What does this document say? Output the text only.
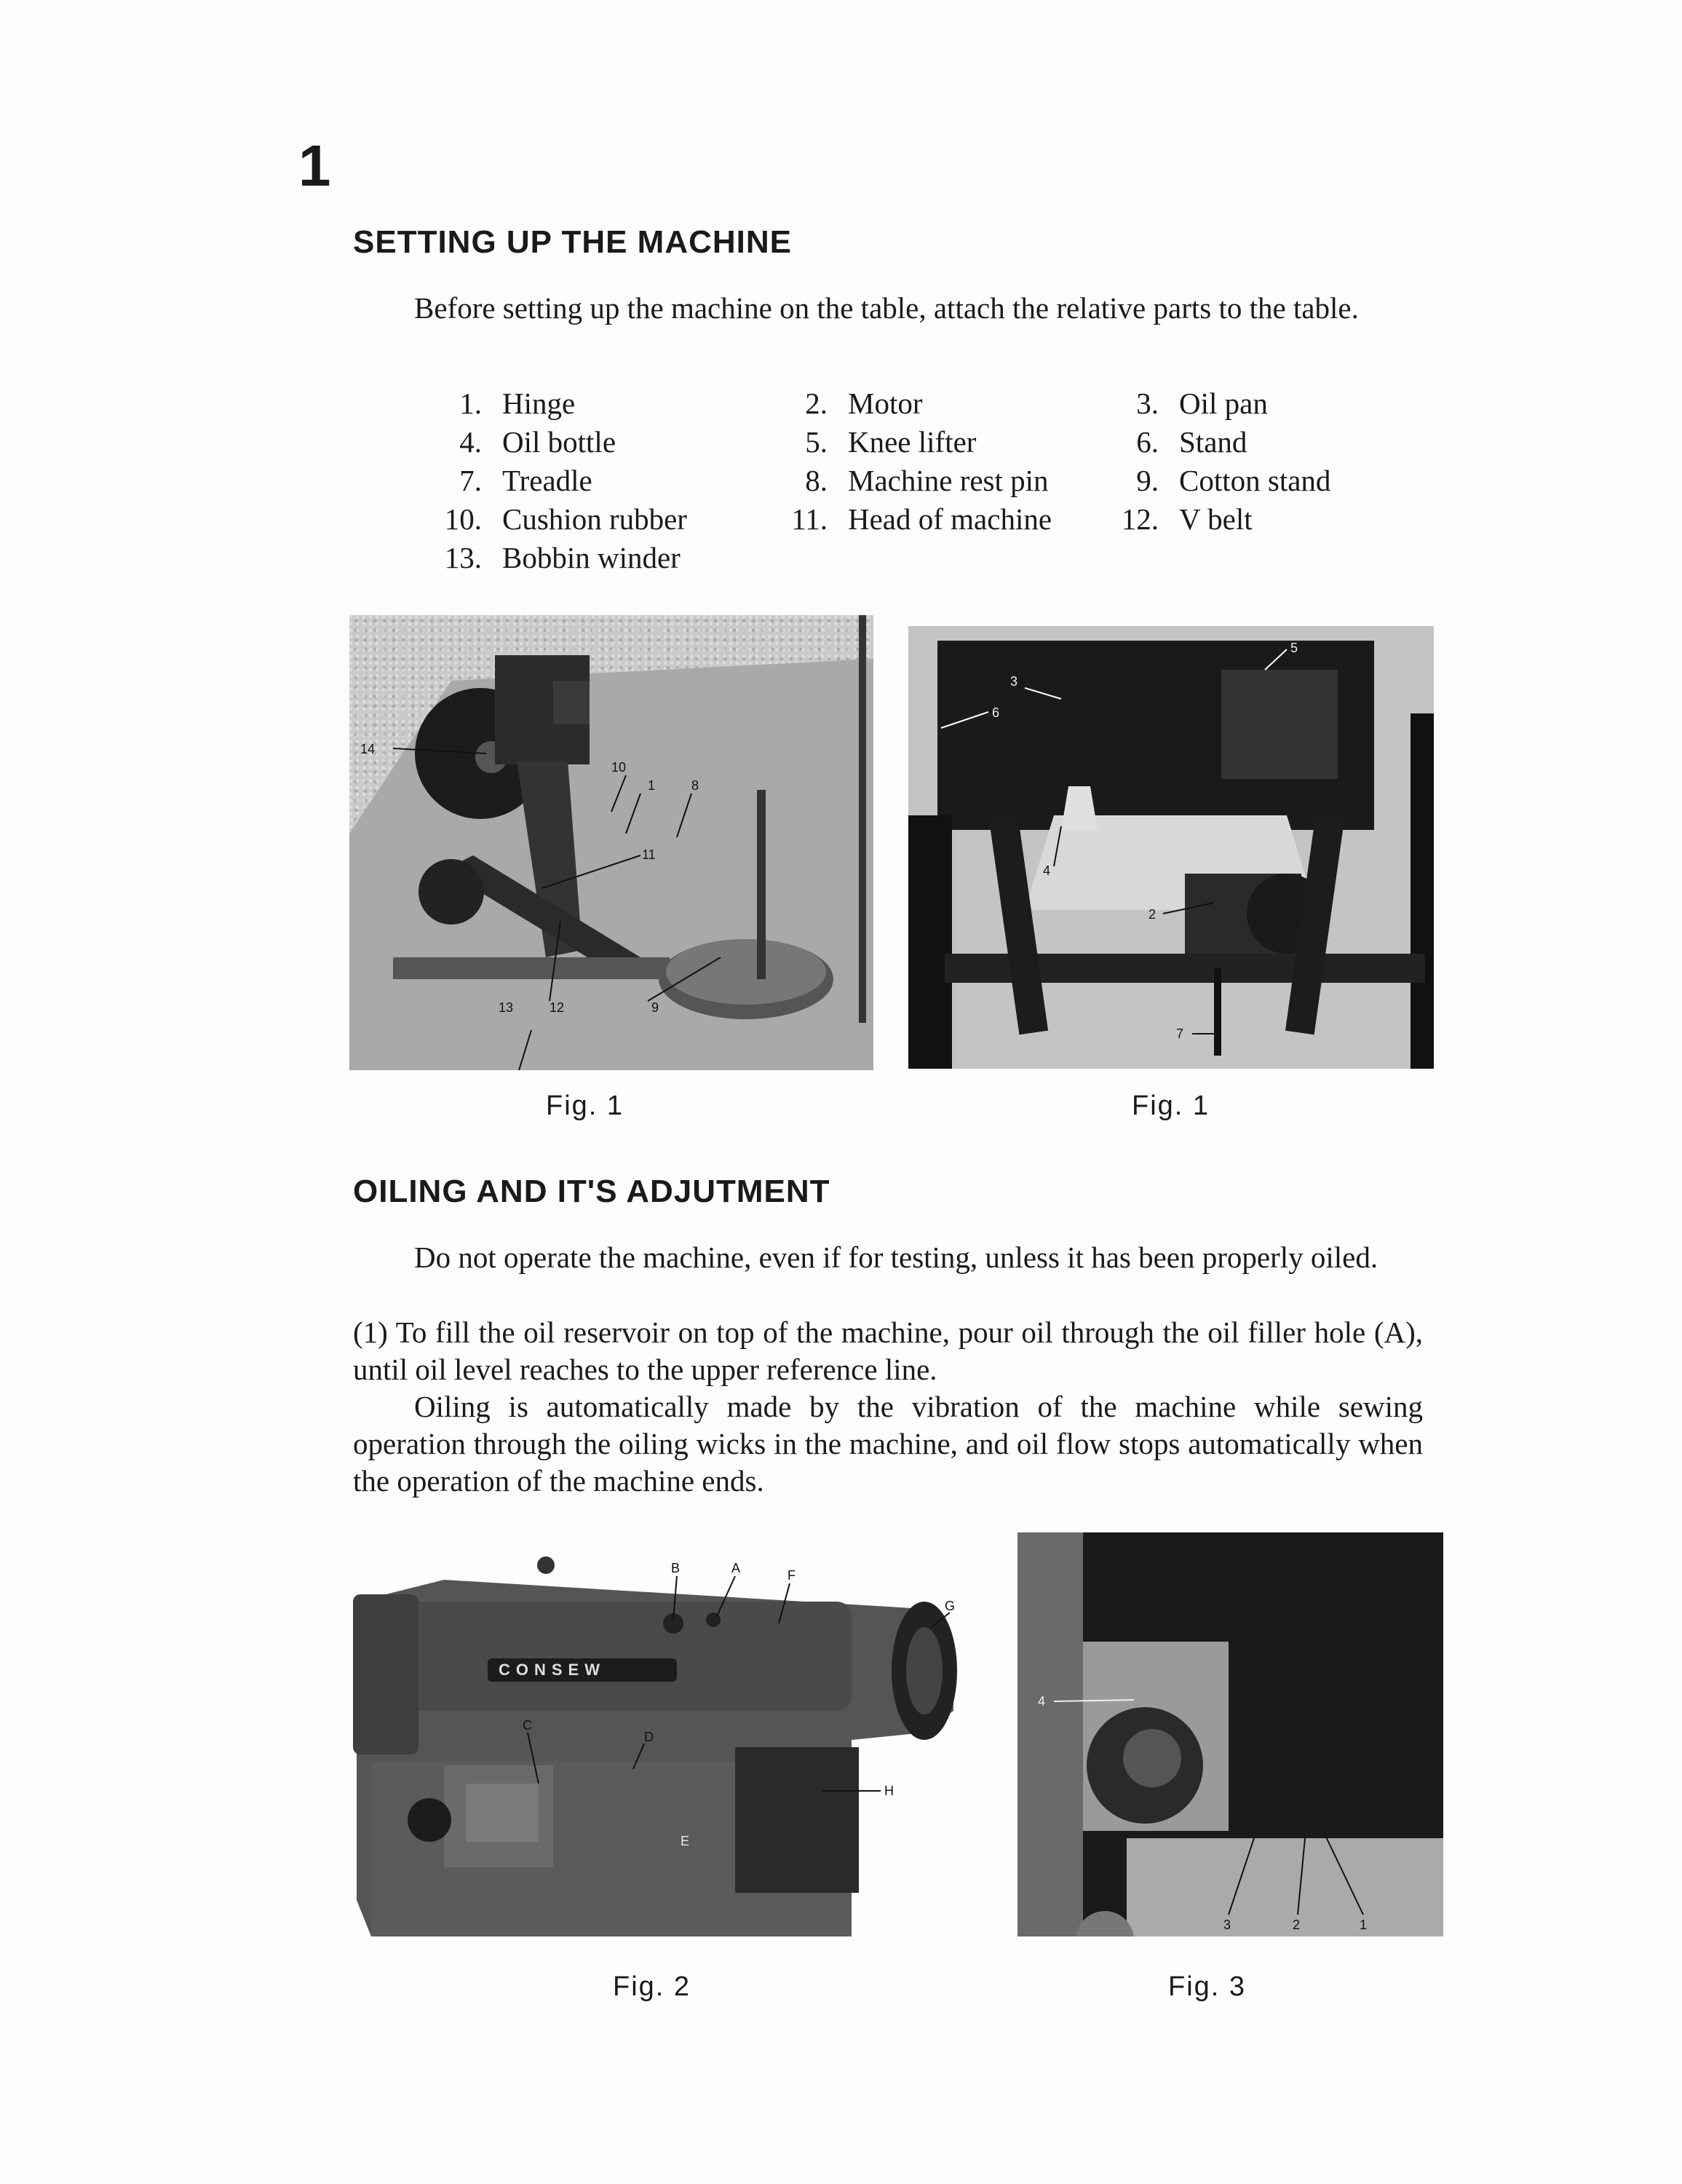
1
SETTING UP THE MACHINE
Before setting up the machine on the table, attach the relative parts to the table.
1. Hinge	2. Motor	3. Oil pan
4. Oil bottle	5. Knee lifter	6. Stand
7. Treadle	8. Machine rest pin	9. Cotton stand
10. Cushion rubber	11. Head of machine	12. V belt
13. Bobbin winder
14
10
1	8
11
13	12	9
Fig. 1
3
6
5
4
2
7
Fig. 1
OILING AND IT'S ADJUTMENT
Do not operate the machine, even if for testing, unless it has been properly oiled.
(1) To fill the oil reservoir on top of the machine, pour oil through the oil filler hole (A), until oil level reaches to the upper reference line.
Oiling is automatically made by the vibration of the machine while sewing operation through the oiling wicks in the machine, and oil flow stops automatically when the operation of the machine ends.
CONSEW
B	A	F
G
C
D
H
E
Fig. 2
4
3	2	1
Fig. 3
